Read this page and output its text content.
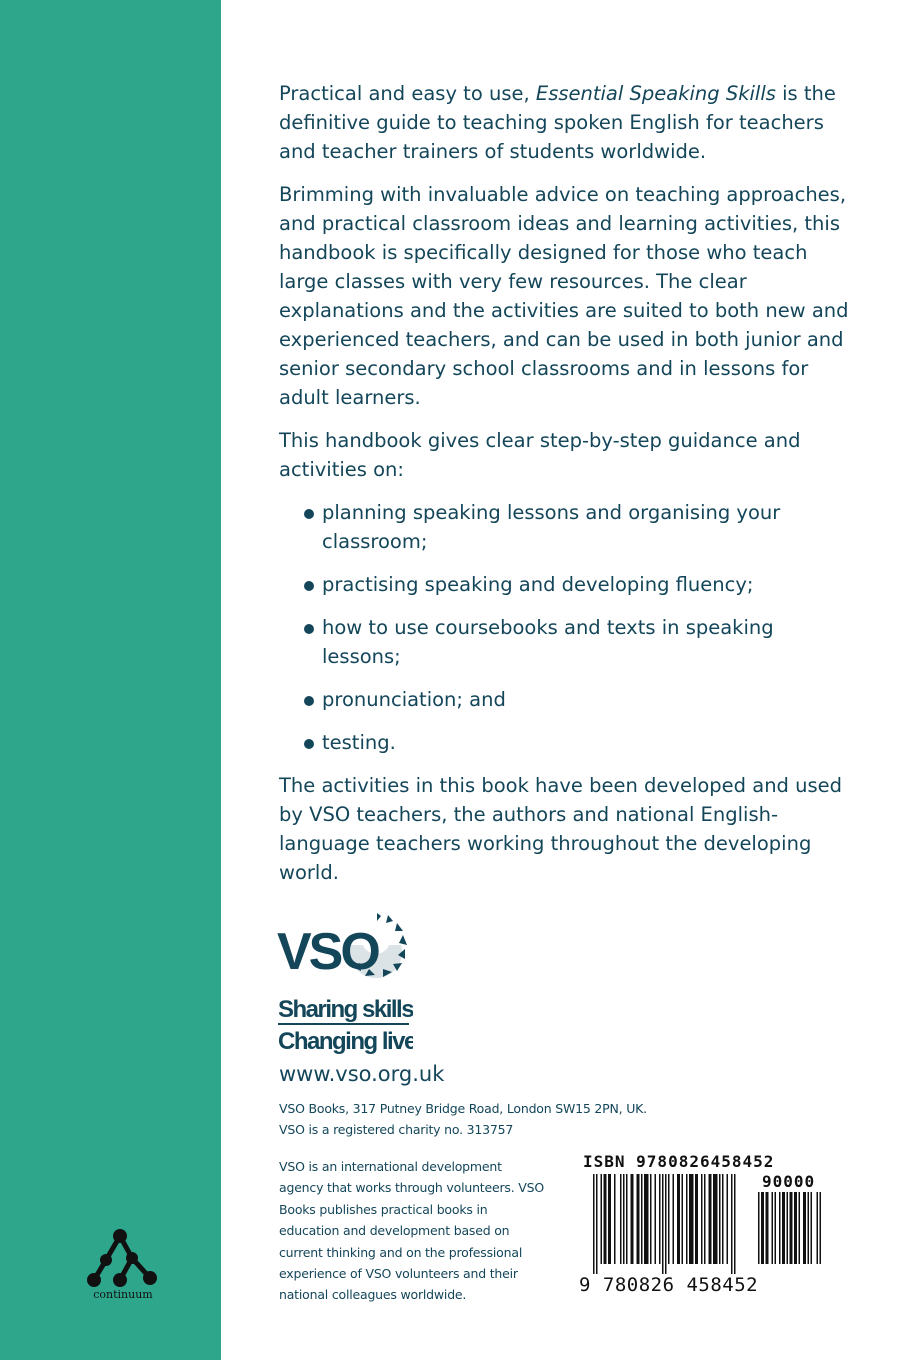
Practical and easy to use, Essential Speaking Skills is the definitive guide to teaching spoken English for teachers and teacher trainers of students worldwide.

Brimming with invaluable advice on teaching approaches, and practical classroom ideas and learning activities, this handbook is specifically designed for those who teach large classes with very few resources. The clear explanations and the activities are suited to both new and experienced teachers, and can be used in both junior and senior secondary school classrooms and in lessons for adult learners.

This handbook gives clear step-by-step guidance and activities on:

planning speaking lessons and organising your classroom;
practising speaking and developing fluency;
how to use coursebooks and texts in speaking lessons;
pronunciation; and
testing.

The activities in this book have been developed and used by VSO teachers, the authors and national English-language teachers working throughout the developing world.

VSO
Sharing skills
Changing lives
www.vso.org.uk
VSO Books, 317 Putney Bridge Road, London SW15 2PN, UK.
VSO is a registered charity no. 313757
VSO is an international development agency that works through volunteers. VSO Books publishes practical books in education and development based on current thinking and on the professional experience of VSO volunteers and their national colleagues worldwide.
continuum
ISBN 9780826458452
90000
9 780826 458452
